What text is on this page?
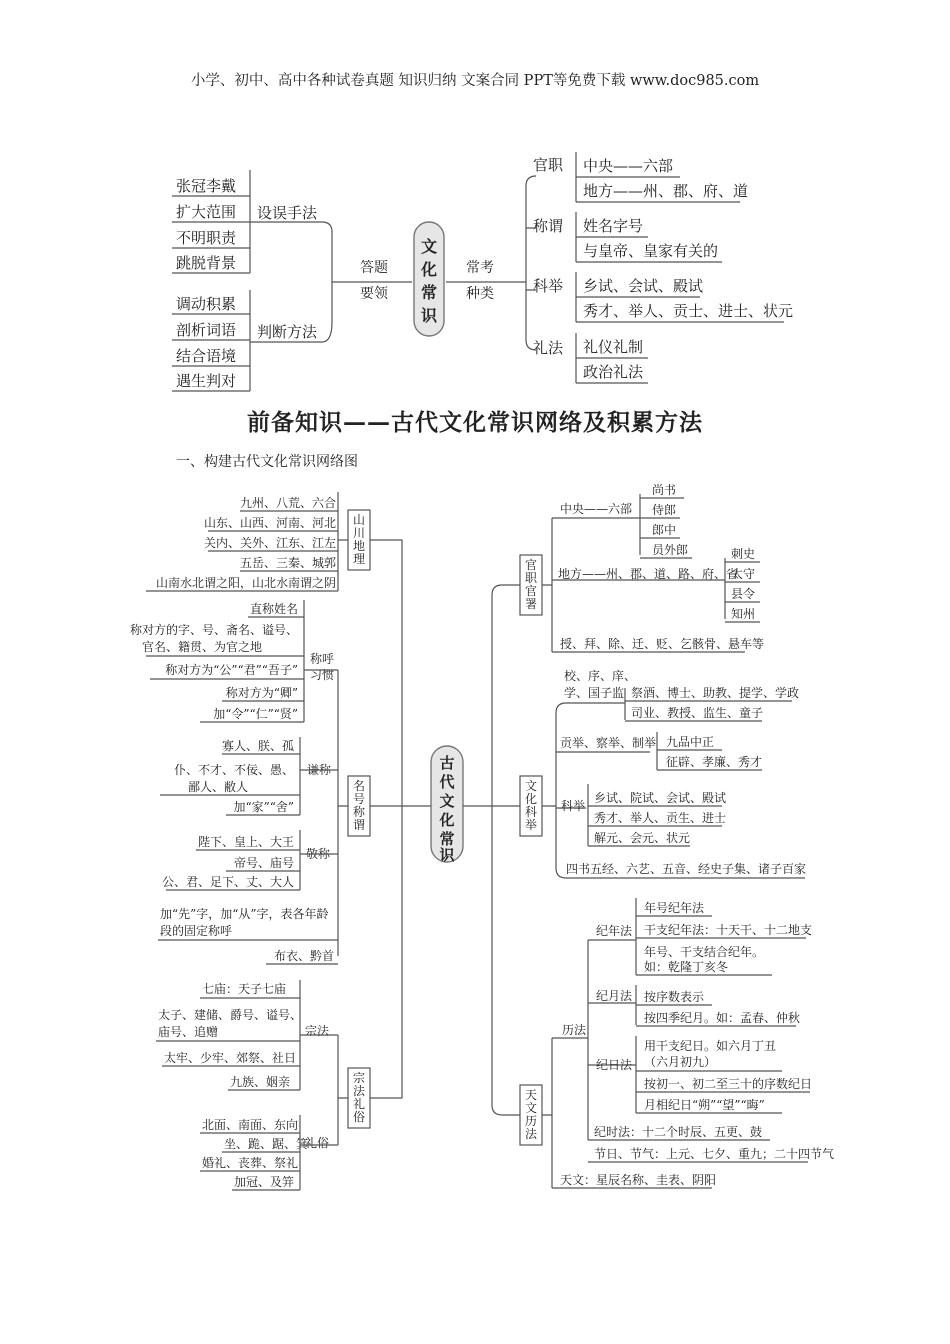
小学、初中、高中各种试卷真题 知识归纳 文案合同 PPT等免费下载 www.doc985.com
前备知识——古代文化常识网络及积累方法
一、构建古代文化常识网络图
张冠李戴
扩大范围
不明职责
跳脱背景
调动积累
剖析词语
结合语境
遇生判对
设误手法
判断方法
答题
要领
文
化
常
识
常考
种类
官职
称谓
科举
礼法
中央——六部
地方——州、郡、府、道
姓名字号
与皇帝、皇家有关的
乡试、会试、殿试
秀才、举人、贡士、进士、状元
礼仪礼制
政治礼法
古
代
文
化
常
识
山
川
地
理
九州、八荒、六合
山东、山西、河南、河北
关内、关外、江东、江左
五岳、三秦、城郭
山南水北谓之阳，山北水南谓之阴
名
号
称
谓
称呼
习惯
直称姓名
称对方的字、号、斋名、谥号、
官名、籍贯、为官之地
称对方为“公”“君”“吾子”
称对方为“卿”
加“令”“仁”“贤”
谦称
寡人、朕、孤
仆、不才、不佞、愚、
鄙人、敝人
加“家”“舍”
敬称
陛下、皇上、大王
帝号、庙号
公、君、足下、丈、大人
加“先”字，加“从”字，表各年龄
段的固定称呼
布衣、黔首
宗
法
礼
俗
宗法
七庙：天子七庙
太子、建储、爵号、谥号、
庙号、追赠
太牢、少牢、郊祭、社日
九族、姻亲
礼俗
北面、南面、东向
坐、跪、踞、箕
婚礼、丧葬、祭礼
加冠、及笄
官
职
官
署
中央——六部
尚书
侍郎
郎中
员外郎
地方——州、郡、道、路、府、省
刺史
太守
县令
知州
授、拜、除、迁、贬、乞骸骨、悬车等
文
化
科
举
校、序、庠、
学、国子监 祭酒、博士、助教、提学、学政
司业、教授、监生、童子
贡举、察举、制举 九品中正
征辟、孝廉、秀才
科举
乡试、院试、会试、殿试
秀才、举人、贡生、进士
解元、会元、状元
四书五经、六艺、五音、经史子集、诸子百家
天
文
历
法
历法
纪年法
年号纪年法
干支纪年法：十天干、十二地支
年号、干支结合纪年。
如：乾隆丁亥冬
纪月法 按序数表示
按四季纪月。如：孟春、仲秋
纪日法
用干支纪日。如六月丁丑
（六月初九）
按初一、初二至三十的序数纪日
月相纪日“朔”“望”“晦”
纪时法：十二个时辰、五更、鼓
节日、节气：上元、七夕、重九；二十四节气
天文：星辰名称、圭表、阴阳
